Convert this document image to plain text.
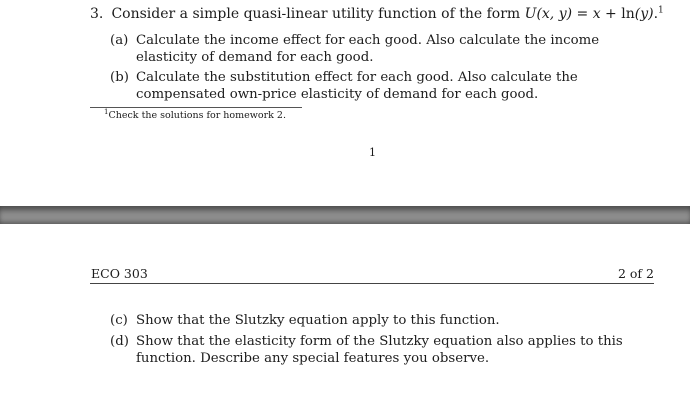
3. Consider a simple quasi-linear utility function of the form U(x, y) = x + ln(y).$^1$
(a) Calculate the income effect for each good. Also calculate the income elasticity of demand for each good.
(b) Calculate the substitution effect for each good. Also calculate the compensated own-price elasticity of demand for each good.
$^1$Check the solutions for homework 2.
1
ECO 303	2 of 2
(c) Show that the Slutzky equation apply to this function.
(d) Show that the elasticity form of the Slutzky equation also applies to this function. Describe any special features you observe.
